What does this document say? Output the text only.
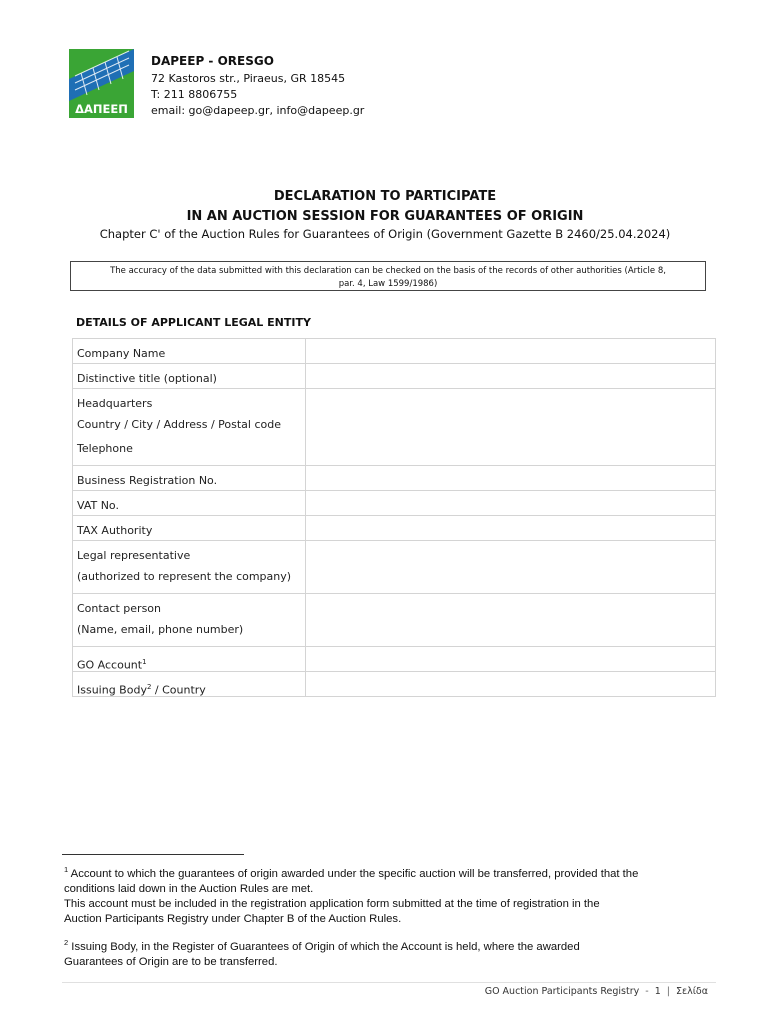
ΔΑΠΕΕΠ
DAPEEP - ORESGO
72 Kastoros str., Piraeus, GR 18545
T: 211 8806755
email: go@dapeep.gr, info@dapeep.gr
DECLARATION TO PARTICIPATE
IN AN AUCTION SESSION FOR GUARANTEES OF ORIGIN
Chapter C' of the Auction Rules for Guarantees of Origin (Government Gazette B 2460/25.04.2024)
The accuracy of the data submitted with this declaration can be checked on the basis of the records of other authorities (Article 8,
par. 4, Law 1599/1986)
DETAILS OF APPLICANT LEGAL ENTITY
Company Name	

Distinctive title (optional)	

Headquarters
Country / City / Address / Postal code
Telephone	

Business Registration No.	

VAT No.	

TAX Authority	

Legal representative
(authorized to represent the company)	

Contact person
(Name, email, phone number)	

GO Account$^1$

Issuing Body$^2$ / Country	

$^1$ Account to which the guarantees of origin awarded under the specific auction will be transferred, provided that the
conditions laid down in the Auction Rules are met.
This account must be included in the registration application form submitted at the time of registration in the
Auction Participants Registry under Chapter B of the Auction Rules.
$^2$ Issuing Body, in the Register of Guarantees of Origin of which the Account is held, where the awarded
Guarantees of Origin are to be transferred.
GO Auction Participants Registry - 1 | Σελίδα
